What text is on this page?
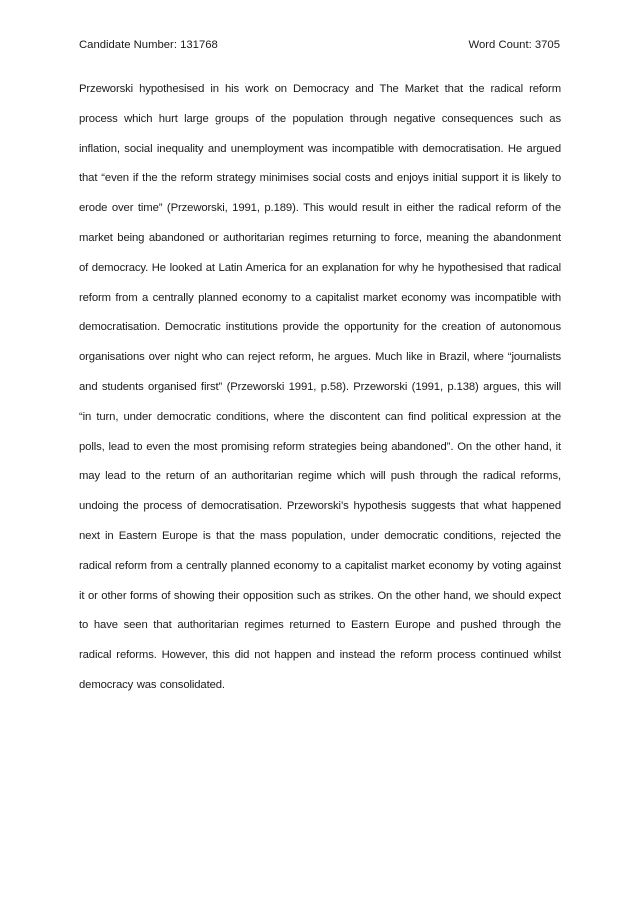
Candidate Number: 131768	Word Count: 3705

Przeworski hypothesised in his work on Democracy and The Market that the radical reform process which hurt large groups of the population through negative consequences such as inflation, social inequality and unemployment was incompatible with democratisation. He argued that “even if the the reform strategy minimises social costs and enjoys initial support it is likely to erode over time” (Przeworski, 1991, p.189). This would result in either the radical reform of the market being abandoned or authoritarian regimes returning to force, meaning the abandonment of democracy. He looked at Latin America for an explanation for why he hypothesised that radical reform from a centrally planned economy to a capitalist market economy was incompatible with democratisation. Democratic institutions provide the opportunity for the creation of autonomous organisations over night who can reject reform, he argues. Much like in Brazil, where “journalists and students organised first” (Przeworski 1991, p.58). Przeworski (1991, p.138) argues, this will “in turn, under democratic conditions, where the discontent can find political expression at the polls, lead to even the most promising reform strategies being abandoned”. On the other hand, it may lead to the return of an authoritarian regime which will push through the radical reforms, undoing the process of democratisation. Przeworski’s hypothesis suggests that what happened next in Eastern Europe is that the mass population, under democratic conditions, rejected the radical reform from a centrally planned economy to a capitalist market economy by voting against it or other forms of showing their opposition such as strikes. On the other hand, we should expect to have seen that authoritarian regimes returned to Eastern Europe and pushed through the radical reforms. However, this did not happen and instead the reform process continued whilst democracy was consolidated.
